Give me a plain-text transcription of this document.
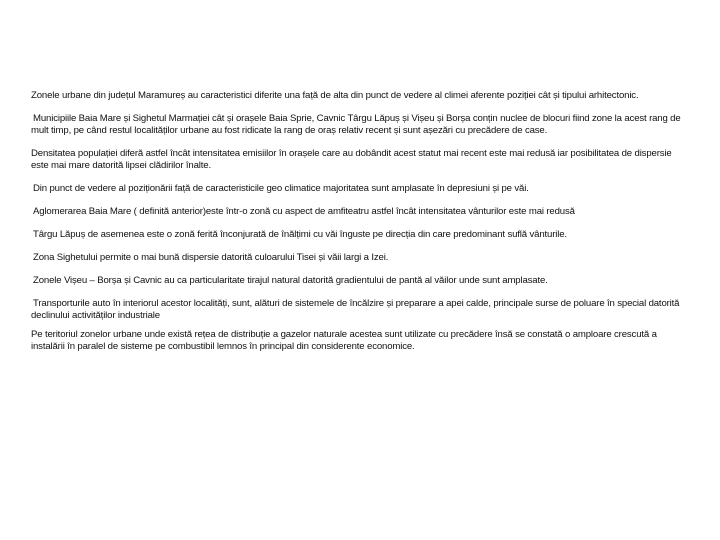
Zonele urbane din județul Maramureș au caracteristici diferite una față de alta din punct de vedere al climei aferente poziției cât și tipului arhitectonic.

Municipiile Baia Mare și Sighetul Marmației cât și orașele Baia Sprie, Cavnic Târgu Lăpuș și Vișeu și Borșa conțin nuclee de blocuri fiind zone la acest rang de mult timp, pe când restul localităților urbane au fost ridicate la rang de oraș relativ recent și sunt așezări cu precădere de case.

Densitatea populației diferă astfel încât intensitatea emisiilor în orașele care au dobândit acest statut mai recent este mai redusă iar posibilitatea de dispersie este mai mare datorită lipsei clădirilor înalte.

Din punct de vedere al poziționării față de caracteristicile geo climatice majoritatea sunt amplasate în depresiuni și pe văi.

Aglomerarea Baia Mare ( definită anterior)este într-o zonă cu aspect de amfiteatru astfel încât intensitatea vânturilor este mai redusă

Târgu Lăpuș de asemenea este o zonă ferită înconjurată de înălțimi cu văi înguste pe direcția din care predominant suflă vânturile.

Zona Sighetului permite o mai bună dispersie datorită culoarului Tisei și văii largi a Izei.

Zonele Vișeu – Borșa și Cavnic au ca particularitate tirajul natural datorită gradientului de pantă al văilor unde sunt amplasate.

Transporturile auto în interiorul acestor localități, sunt, alături de sistemele de încălzire și preparare a apei calde, principale surse de poluare în special datorită declinului activităților industriale

Pe teritoriul zonelor urbane unde există rețea de distribuție a gazelor naturale acestea sunt utilizate cu precădere însă se constată o amploare crescută a instalării în paralel de sisteme pe combustibil lemnos în principal din considerente economice.
